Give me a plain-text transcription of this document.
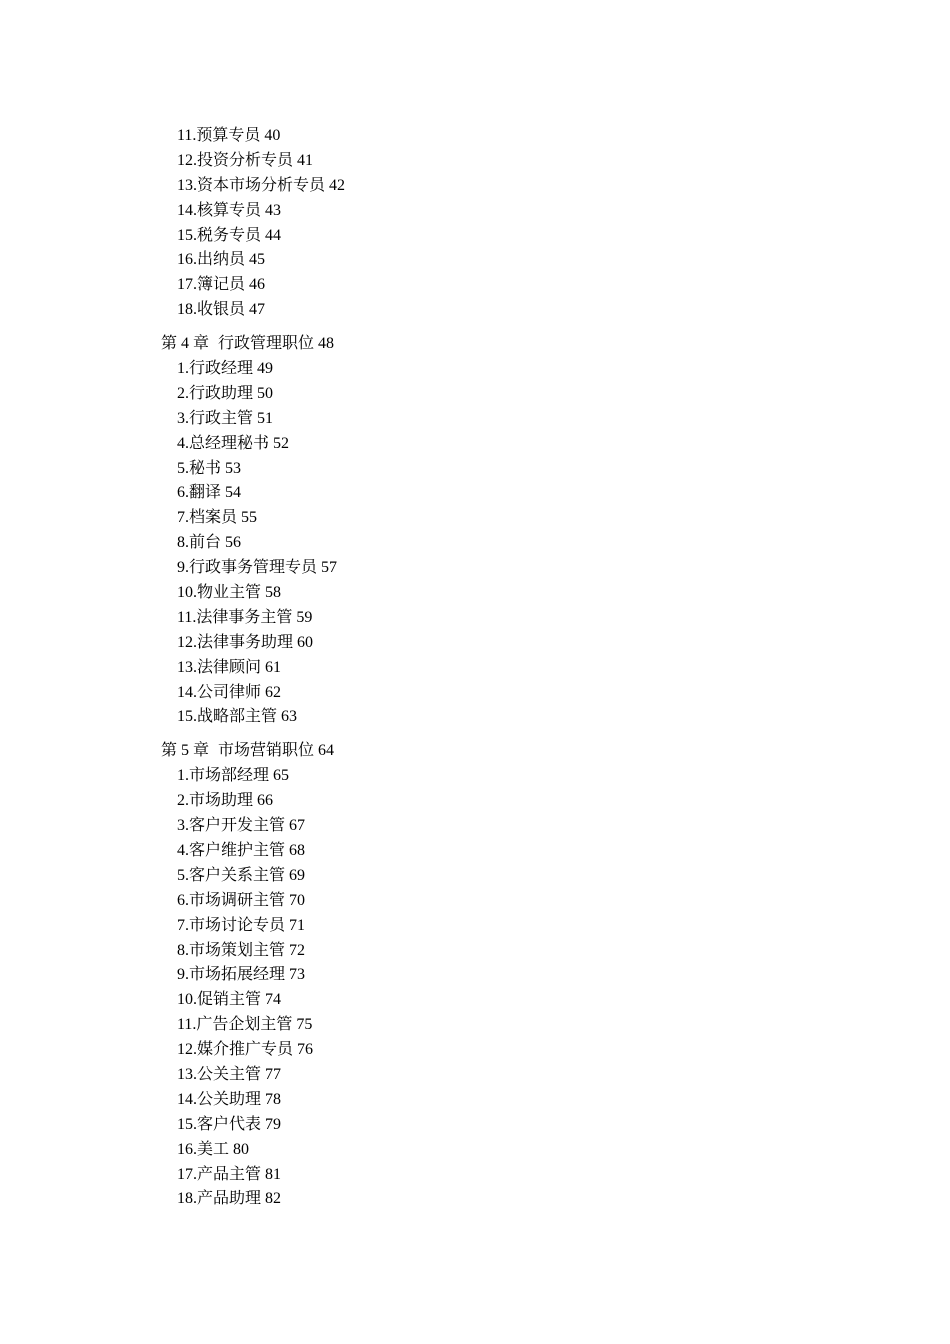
11.预算专员 40
12.投资分析专员 41
13.资本市场分析专员 42
14.核算专员 43
15.税务专员 44
16.出纳员 45
17.簿记员 46
18.收银员 47
第 4 章 行政管理职位 48
1.行政经理 49
2.行政助理 50
3.行政主管 51
4.总经理秘书 52
5.秘书 53
6.翻译 54
7.档案员 55
8.前台 56
9.行政事务管理专员 57
10.物业主管 58
11.法律事务主管 59
12.法律事务助理 60
13.法律顾问 61
14.公司律师 62
15.战略部主管 63
第 5 章 市场营销职位 64
1.市场部经理 65
2.市场助理 66
3.客户开发主管 67
4.客户维护主管 68
5.客户关系主管 69
6.市场调研主管 70
7.市场讨论专员 71
8.市场策划主管 72
9.市场拓展经理 73
10.促销主管 74
11.广告企划主管 75
12.媒介推广专员 76
13.公关主管 77
14.公关助理 78
15.客户代表 79
16.美工 80
17.产品主管 81
18.产品助理 82
